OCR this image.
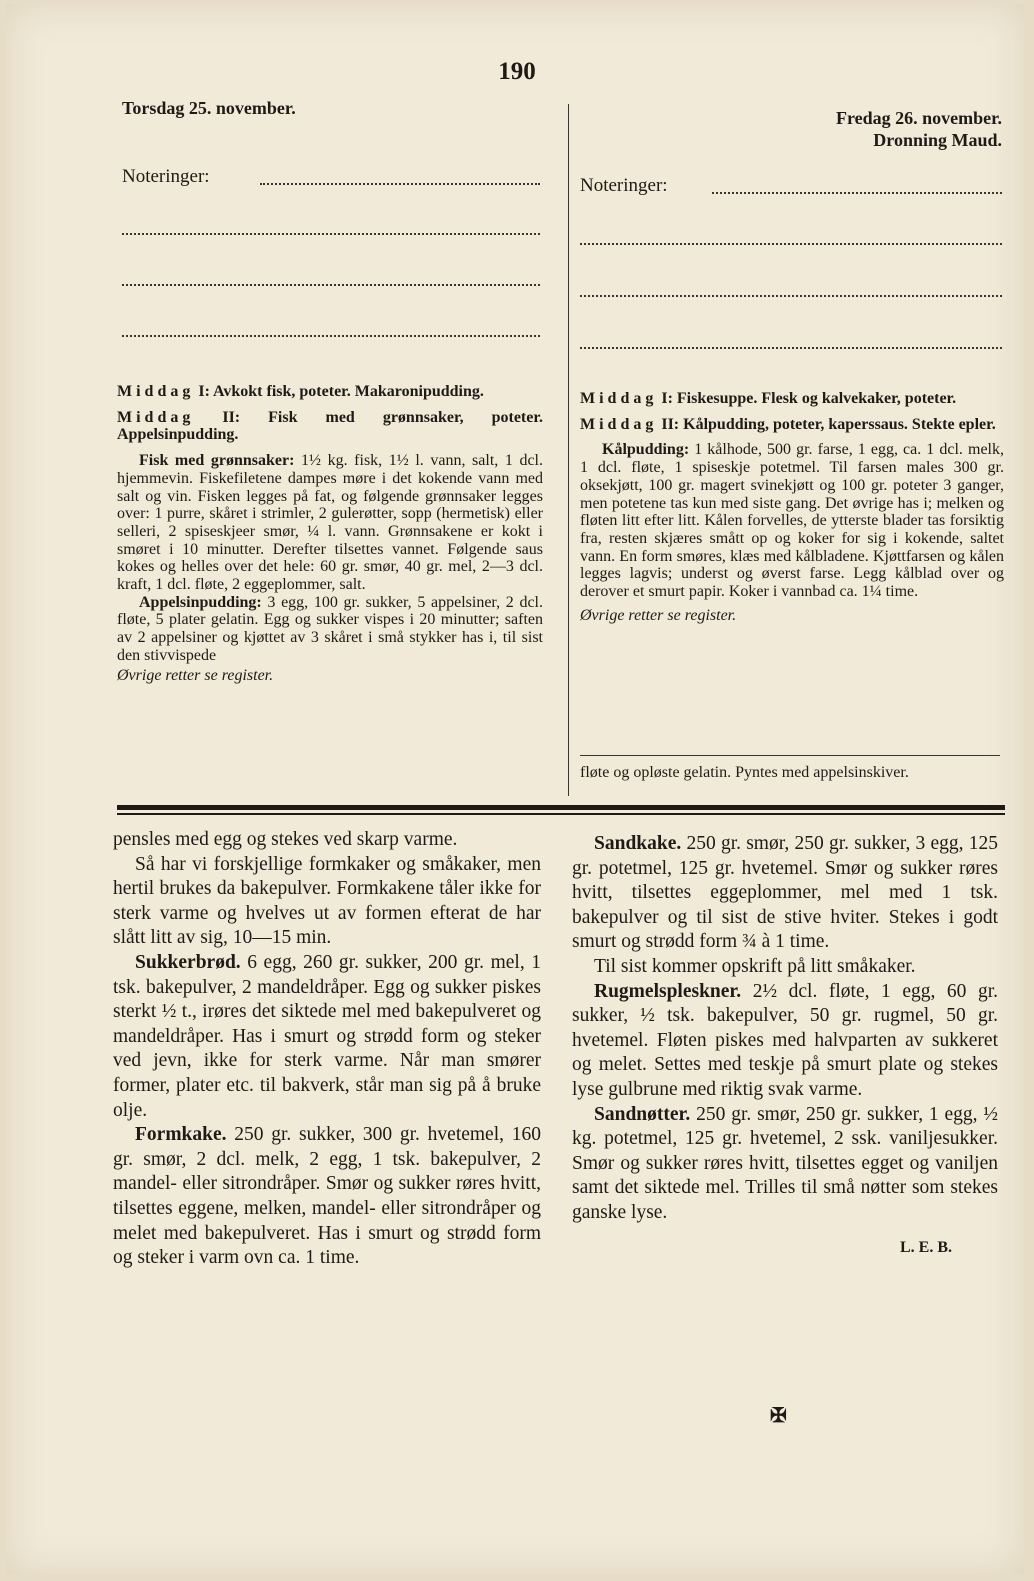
190
Torsdag 25. november.
Noteringer:

Middag I: Avkokt fisk, poteter. Makaronipudding.

Middag II: Fisk med grønnsaker, poteter. Appelsinpudding.

Fisk med grønnsaker: 1½ kg. fisk, 1½ l. vann, salt, 1 dcl. hjemmevin. Fiskefiletene dampes møre i det kokende vann med salt og vin. Fisken legges på fat, og følgende grønnsaker legges over: 1 purre, skåret i strimler, 2 gulerøtter, sopp (hermetisk) eller selleri, 2 spiseskjeer smør, ¼ l. vann. Grønnsakene er kokt i smøret i 10 minutter. Derefter tilsettes vannet. Følgende saus kokes og helles over det hele: 60 gr. smør, 40 gr. mel, 2—3 dcl. kraft, 1 dcl. fløte, 2 eggeplommer, salt.

Appelsinpudding: 3 egg, 100 gr. sukker, 5 appelsiner, 2 dcl. fløte, 5 plater gelatin. Egg og sukker vispes i 20 minutter; saften av 2 appelsiner og kjøttet av 3 skåret i små stykker has i, til sist den stivvispede

Øvrige retter se register.

Fredag 26. november.
Dronning Maud.
Noteringer:

Middag I: Fiskesuppe. Flesk og kalvekaker, poteter.

Middag II: Kålpudding, poteter, kaperssaus. Stekte epler.

Kålpudding: 1 kålhode, 500 gr. farse, 1 egg, ca. 1 dcl. melk, 1 dcl. fløte, 1 spiseskje potetmel. Til farsen males 300 gr. oksekjøtt, 100 gr. magert svinekjøtt og 100 gr. poteter 3 ganger, men potetene tas kun med siste gang. Det øvrige has i; melken og fløten litt efter litt. Kålen forvelles, de ytterste blader tas forsiktig fra, resten skjæres smått op og koker for sig i kokende, saltet vann. En form smøres, klæs med kålbladene. Kjøttfarsen og kålen legges lagvis; underst og øverst farse. Legg kålblad over og derover et smurt papir. Koker i vannbad ca. 1¼ time.

Øvrige retter se register.

fløte og opløste gelatin. Pyntes med appelsinskiver.

pensles med egg og stekes ved skarp varme.

Så har vi forskjellige formkaker og småkaker, men hertil brukes da bakepulver. Formkakene tåler ikke for sterk varme og hvelves ut av formen efterat de har slått litt av sig, 10—15 min.

Sukkerbrød. 6 egg, 260 gr. sukker, 200 gr. mel, 1 tsk. bakepulver, 2 mandeldråper. Egg og sukker piskes sterkt ½ t., irøres det siktede mel med bakepulveret og mandeldråper. Has i smurt og strødd form og steker ved jevn, ikke for sterk varme. Når man smører former, plater etc. til bakverk, står man sig på å bruke olje.

Formkake. 250 gr. sukker, 300 gr. hvetemel, 160 gr. smør, 2 dcl. melk, 2 egg, 1 tsk. bakepulver, 2 mandel- eller sitrondråper. Smør og sukker røres hvitt, tilsettes eggene, melken, mandel- eller sitrondråper og melet med bakepulveret. Has i smurt og strødd form og steker i varm ovn ca. 1 time.

Sandkake. 250 gr. smør, 250 gr. sukker, 3 egg, 125 gr. potetmel, 125 gr. hvetemel. Smør og sukker røres hvitt, tilsettes eggeplommer, mel med 1 tsk. bakepulver og til sist de stive hviter. Stekes i godt smurt og strødd form ¾ à 1 time.

Til sist kommer opskrift på litt småkaker.

Rugmelspleskner. 2½ dcl. fløte, 1 egg, 60 gr. sukker, ½ tsk. bakepulver, 50 gr. rugmel, 50 gr. hvetemel. Fløten piskes med halvparten av sukkeret og melet. Settes med teskje på smurt plate og stekes lyse gulbrune med riktig svak varme.

Sandnøtter. 250 gr. smør, 250 gr. sukker, 1 egg, ½ kg. potetmel, 125 gr. hvetemel, 2 ssk. vaniljesukker. Smør og sukker røres hvitt, tilsettes egget og vaniljen samt det siktede mel. Trilles til små nøtter som stekes ganske lyse.

L. E. B.
✠
